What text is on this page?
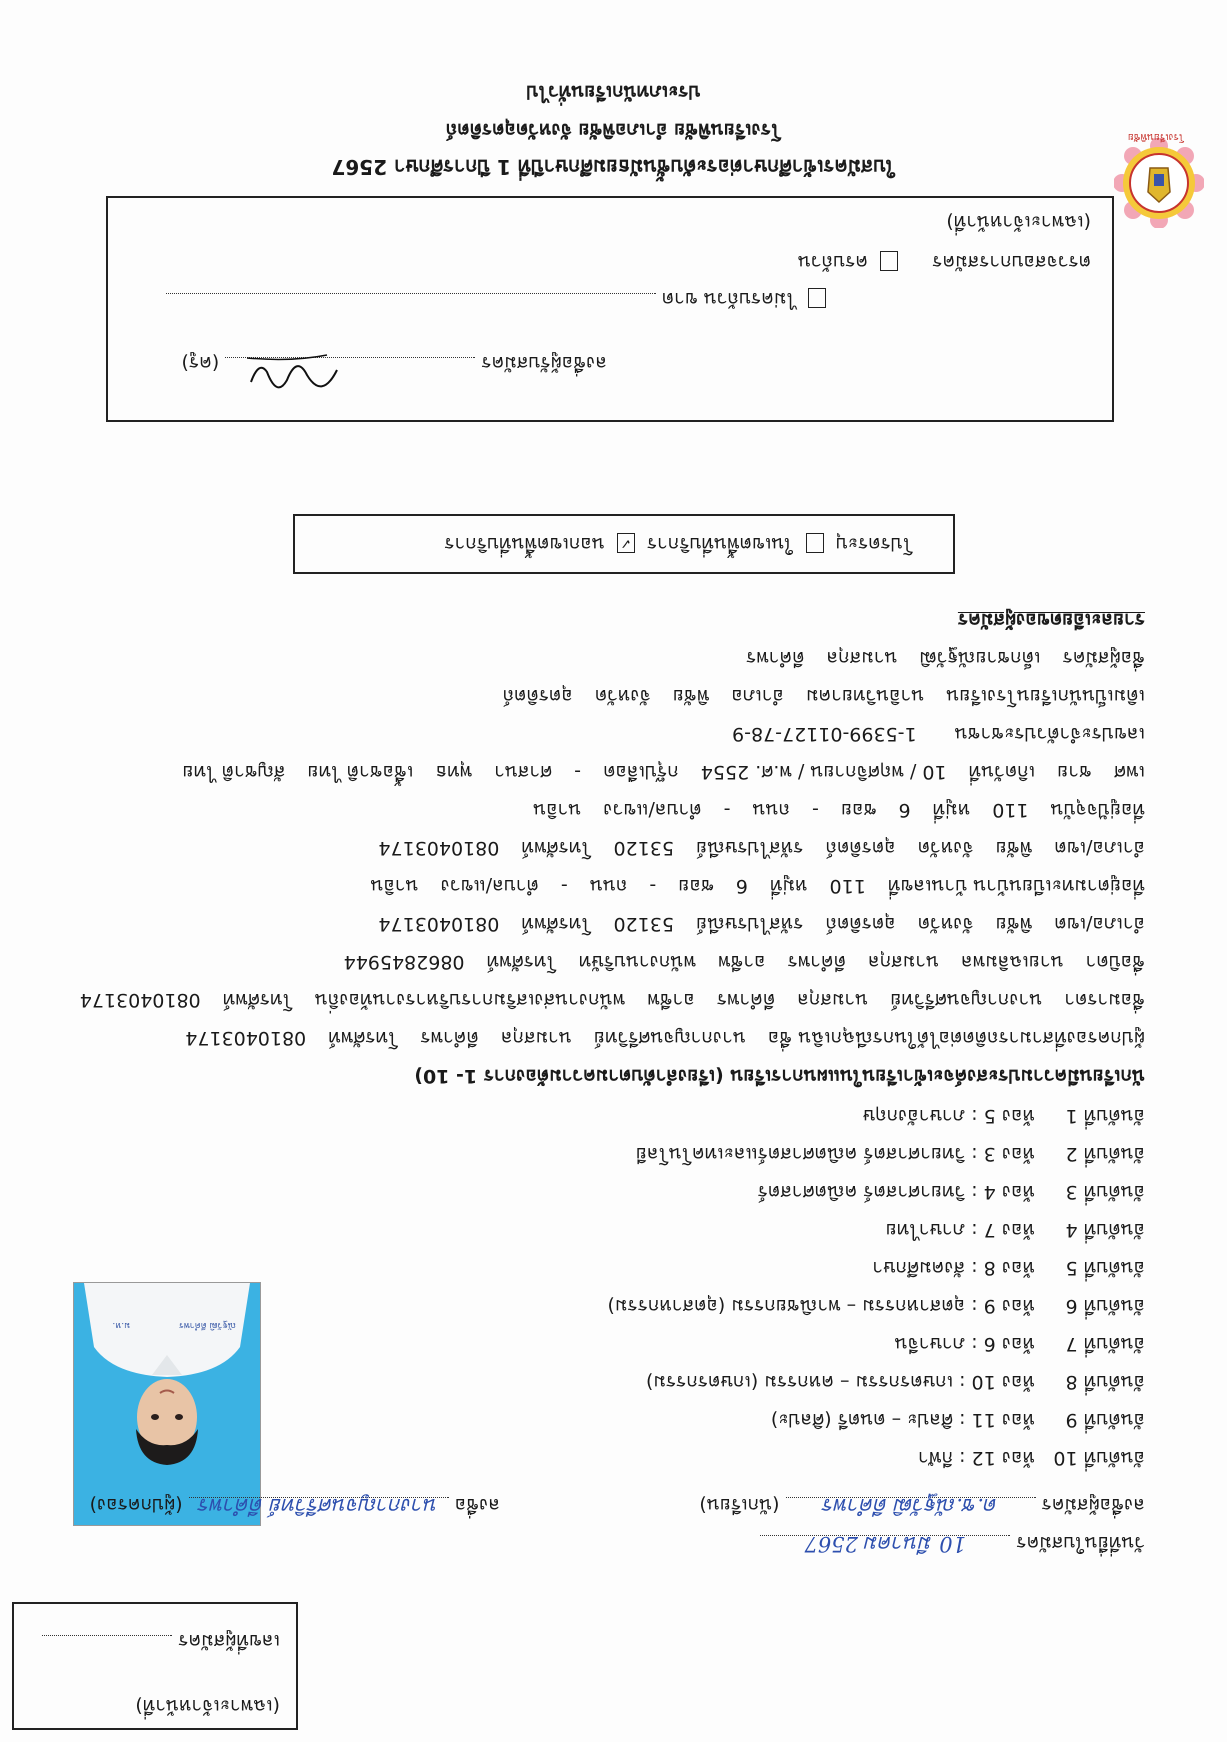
(เฉพาะเจ้าหน้าที่)
เลขที่ผู้สมัคร
โรงเรียนพิชัย
ใบสมัครเข้าศึกษาต่อระดับชั้นมัธยมศึกษาปีที่ 1 ปีการศึกษา 2567
โรงเรียนพิชัย อำเภอพิชัย จังหวัดอุตรดิตถ์
ประเภทนักเรียนทั่วไป
โปรดระบุ  ในเขตพื้นที่บริการ ✓ นอกเขตพื้นที่บริการ
ณัฐวัฒิ ดีคำพร
ม.ห.
รายละเอียดของผู้สมัคร
ชื่อผู้สมัคร เด็กชายณัฐวัฒิ นามสกุล ดีคำพร
เดิมเป็นนักเรียนโรงเรียน นาอินวิทยาคม อำเภอ พิชัย จังหวัด อุตรดิตถ์
เลขประจำตัวประชาชน 1-5399-01127-78-9
เพศ ชาย เกิดวันที่ 10 / พฤศจิกายน / พ.ศ. 2554 กรุ๊ปเลือด - ศาสนา พุทธ เชื้อชาติ ไทย สัญชาติ ไทย
ที่อยู่ปัจจุบัน 110 หมู่ที่ 6 ซอย - ถนน - ตำบล/แขวง นาอิน
อำเภอ/เขต พิชัย จังหวัด อุตรดิตถ์ รหัสไปรษณีย์ 53120 โทรศัพท์ 0810403174
ที่อยู่ตามทะเบียนบ้าน บ้านเลขที่ 110 หมู่ที่ 6 ซอย - ถนน - ตำบล/แขวง นาอิน
อำเภอ/เขต พิชัย จังหวัด อุตรดิตถ์ รหัสไปรษณีย์ 53120 โทรศัพท์ 0810403174
ชื่อบิดา นายเฉลิมพล นามสกุล ดีคำพร อาชีพ พนักงานบริษัท โทรศัพท์ 0862845944
ชื่อมารดา นางกาญจนศรีวิทย์ นามสกุล ดีคำพร อาชีพ พนักงานส่งเสริมการบริหารงานท้องถิ่น โทรศัพท์ 0810403174
ผู้ปกครองที่สามารถติดต่อได้ในกรณีฉุกเฉิน ชื่อ นางกาญจนศรีวิทย์ นามสกุล ดีคำพร โทรศัพท์ 0810403174
นักเรียนมีความประสงค์จะเข้าเรียนในแผนการเรียน (เรียงลำดับตามความต้องการ 1- 10)
อันดับที่ 1ห้อง 5 : ภาษาอังกฤษ
อันดับที่ 2ห้อง 3 : วิทยาศาสตร์ คณิตศาสตร์และเทคโนโลยี
อันดับที่ 3ห้อง 4 : วิทยาศาสตร์ คณิตศาสตร์
อันดับที่ 4ห้อง 7 : ภาษาไทย
อันดับที่ 5ห้อง 8 : สังคมศึกษา
อันดับที่ 6ห้อง 9 : อุตสาหกรรม – พาณิชยกรรม (อุตสาหกรรม)
อันดับที่ 7ห้อง 6 : ภาษาจีน
อันดับที่ 8ห้อง 10 : เกษตรกรรม – คหกรรม (เกษตรกรรม)
อันดับที่ 9ห้อง 11 : ศิลปะ – ดนตรี (ศิลปะ)
อันดับที่ 10ห้อง 12 : กีฬา
ลงชื่อผู้สมัคร ด.ช.ณัฐวัฒิ ดีคำพร (นักเรียน)
ลงชื่อ นางกาญจนศรีวิทย์ ดีคำพร (ผู้ปกครอง)
วันที่ยื่นใบสมัคร 10 มีนาคม 2567
(เฉพาะเจ้าหน้าที่)
ตรวจสอบการสมัคร   ครบถ้วน
ไม่ครบถ้วน ขาด
ลงชื่อผู้รับสมัคร  (ครู)
